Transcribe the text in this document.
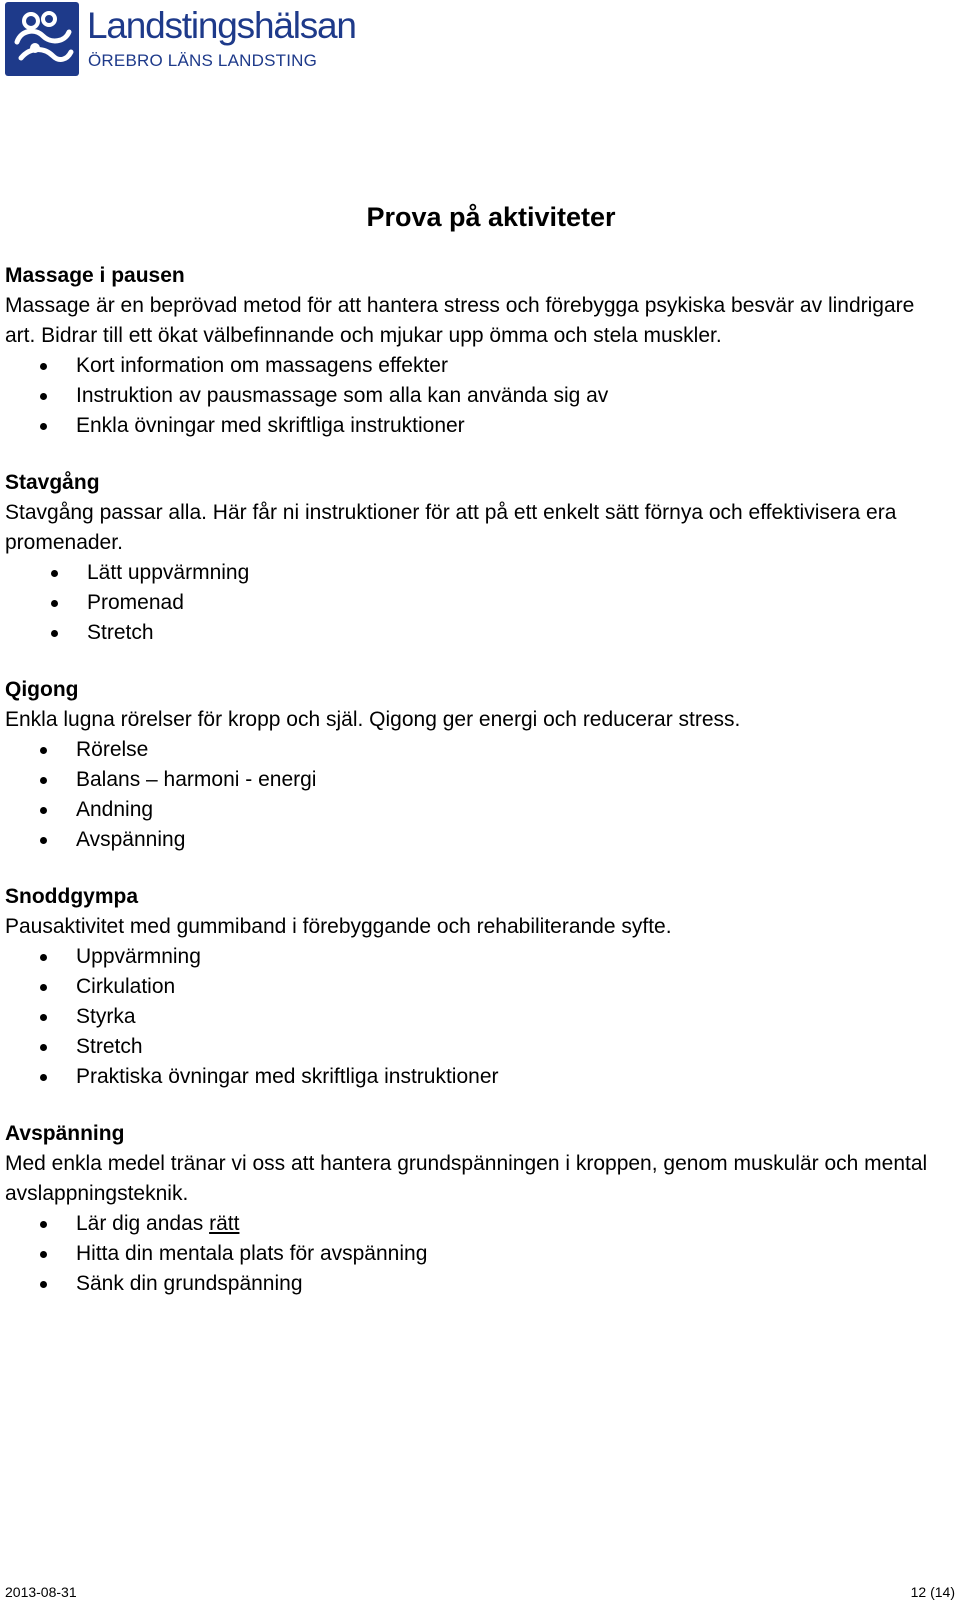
Landstingshälsan
ÖREBRO LÄNS LANDSTING
Prova på aktiviteter

Massage i pausen

Massage är en beprövad metod för att hantera stress och förebygga psykiska besvär av lindrigare art. Bidrar till ett ökat välbefinnande och mjukar upp ömma och stela muskler.

Kort information om massagens effekter
Instruktion av pausmassage som alla kan använda sig av
Enkla övningar med skriftliga instruktioner

Stavgång

Stavgång passar alla. Här får ni instruktioner för att på ett enkelt sätt förnya och effektivisera era promenader.

Lätt uppvärmning
Promenad
Stretch

Qigong

Enkla lugna rörelser för kropp och själ. Qigong ger energi och reducerar stress.

Rörelse
Balans – harmoni - energi
Andning
Avspänning

Snoddgympa

Pausaktivitet med gummiband i förebyggande och rehabiliterande syfte.

Uppvärmning
Cirkulation
Styrka
Stretch
Praktiska övningar med skriftliga instruktioner

Avspänning

Med enkla medel tränar vi oss att hantera grundspänningen i kroppen, genom muskulär och mental avslappningsteknik.

Lär dig andas rätt
Hitta din mentala plats för avspänning
Sänk din grundspänning
2013-08-31	12 (14)
